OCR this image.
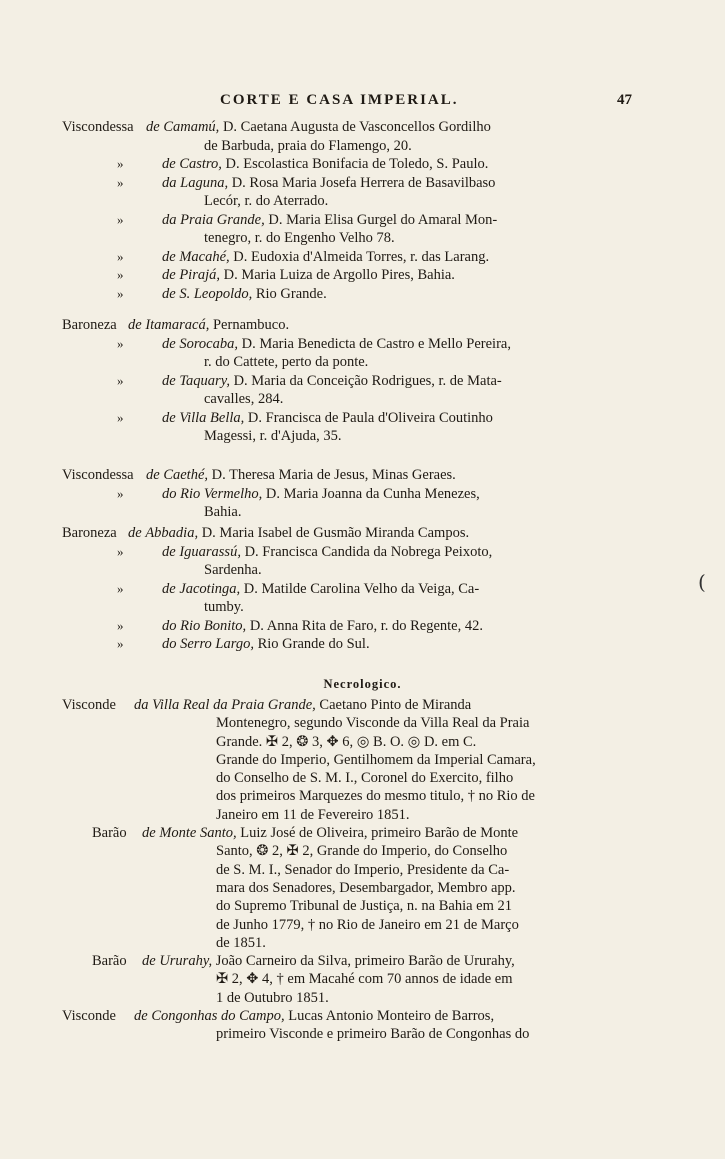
CORTE E CASA IMPERIAL.	47
Viscondessa de Camamú, D. Caetana Augusta de Vasconcellos Gordilho
de Barbuda, praia do Flamengo, 20.
»	de Castro, D. Escolastica Bonifacia de Toledo, S. Paulo.
»	da Laguna, D. Rosa Maria Josefa Herrera de Basavilbaso
Lecór, r. do Aterrado.
»	da Praia Grande, D. Maria Elisa Gurgel do Amaral Mon-
tenegro, r. do Engenho Velho 78.
»	de Macahé, D. Eudoxia d'Almeida Torres, r. das Larang.
»	de Pirajá, D. Maria Luiza de Argollo Pires, Bahia.
»	de S. Leopoldo, Rio Grande.
Baroneza de Itamaracá, Pernambuco.
»	de Sorocaba, D. Maria Benedicta de Castro e Mello Pereira,
r. do Cattete, perto da ponte.
»	de Taquary, D. Maria da Conceição Rodrigues, r. de Mata-
cavalles, 284.
»	de Villa Bella, D. Francisca de Paula d'Oliveira Coutinho
Magessi, r. d'Ajuda, 35.
Viscondessa de Caethé, D. Theresa Maria de Jesus, Minas Geraes.
»	do Rio Vermelho, D. Maria Joanna da Cunha Menezes,
Bahia.
Baroneza de Abbadia, D. Maria Isabel de Gusmão Miranda Campos.
»	de Iguarassú, D. Francisca Candida da Nobrega Peixoto,
Sardenha.
»	de Jacotinga, D. Matilde Carolina Velho da Veiga, Ca-
tumby.
»	do Rio Bonito, D. Anna Rita de Faro, r. do Regente, 42.
»	do Serro Largo, Rio Grande do Sul.
Necrologico.
Visconde da Villa Real da Praia Grande, Caetano Pinto de Miranda
Montenegro, segundo Visconde da Villa Real da Praia
Grande. ✠ 2, ❂ 3, ✥ 6, ◎ B. O. ◎ D. em C.
Grande do Imperio, Gentilhomem da Imperial Camara,
do Conselho de S. M. I., Coronel do Exercito, filho
dos primeiros Marquezes do mesmo titulo, † no Rio de
Janeiro em 11 de Fevereiro 1851.
Barão de Monte Santo, Luiz José de Oliveira, primeiro Barão de Monte
Santo, ❂ 2, ✠ 2, Grande do Imperio, do Conselho
de S. M. I., Senador do Imperio, Presidente da Ca-
mara dos Senadores, Desembargador, Membro app.
do Supremo Tribunal de Justiça, n. na Bahia em 21
de Junho 1779, † no Rio de Janeiro em 21 de Março
de 1851.
Barão de Ururahy, João Carneiro da Silva, primeiro Barão de Ururahy,
✠ 2, ✥ 4, † em Macahé com 70 annos de idade em
1 de Outubro 1851.
Visconde de Congonhas do Campo, Lucas Antonio Monteiro de Barros,
primeiro Visconde e primeiro Barão de Congonhas do
(
